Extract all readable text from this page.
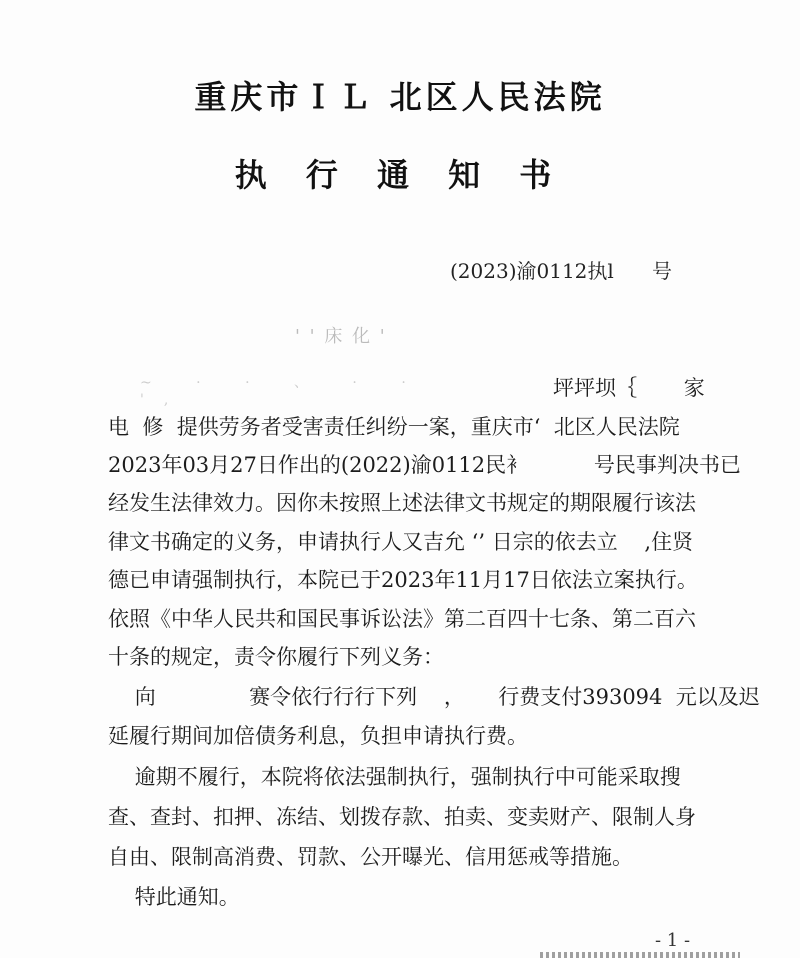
重庆市ＩＬ 北区人民法院
执 行 通 知 书
(2023)渝0112执l      号
' ' 床 化 '
~ · · 、 · · ',	坪坪坝｛       家
电  修  提供劳务者受害责任纠纷一案，重庆市‘  北区人民法院
2023年03月27日作出的(2022)渝0112民衤          号民事判决书已
经发生法律效力。因你未按照上述法律文书规定的期限履行该法
律文书确定的义务，申请执行人又吉允 ‘’ 日宗的依去立    ,住贤
德已申请强制执行，本院已于2023年11月17日依法立案执行。
依照《中华人民共和国民事诉讼法》第二百四十七条、第二百六
十条的规定，责令你履行下列义务：
向              赛令依行行行下列    ，     行费支付393094  元以及迟
延履行期间加倍债务利息，负担申请执行费。
逾期不履行，本院将依法强制执行，强制执行中可能采取搜
查、查封、扣押、冻结、划拨存款、拍卖、变卖财产、限制人身
自由、限制高消费、罚款、公开曝光、信用惩戒等措施。
特此通知。
- 1 -
